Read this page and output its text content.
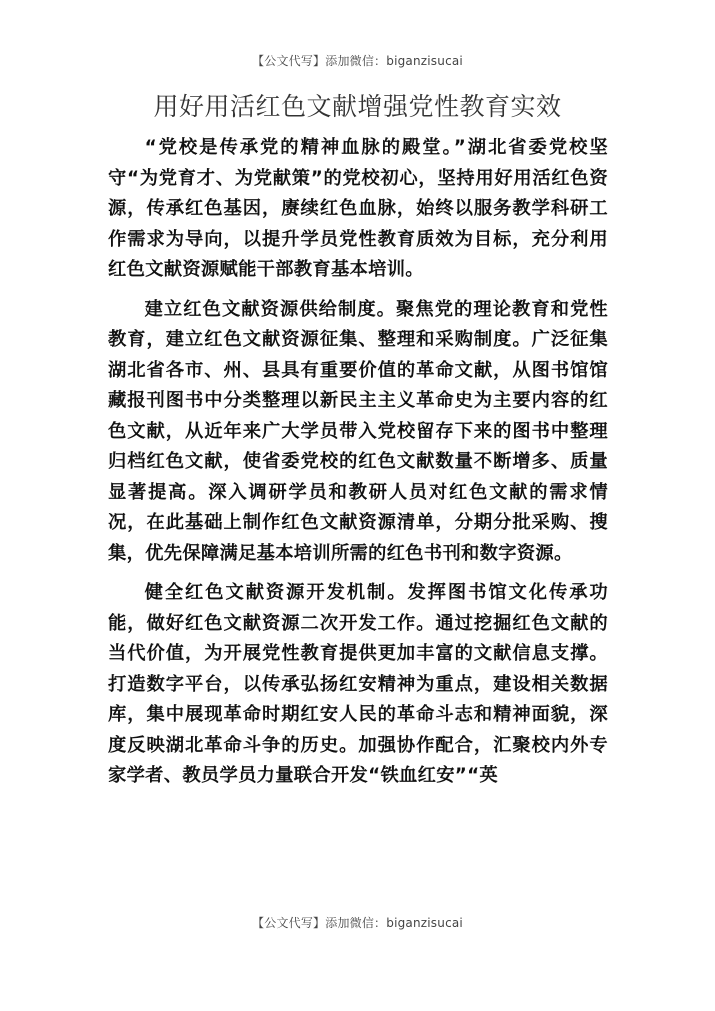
【公文代写】添加微信：biganzisucai
用好用活红色文献增强党性教育实效

“党校是传承党的精神血脉的殿堂。”湖北省委党校坚守“为党育才、为党献策”的党校初心，坚持用好用活红色资源，传承红色基因，赓续红色血脉，始终以服务教学科研工作需求为导向，以提升学员党性教育质效为目标，充分利用红色文献资源赋能干部教育基本培训。

建立红色文献资源供给制度。聚焦党的理论教育和党性教育，建立红色文献资源征集、整理和采购制度。广泛征集湖北省各市、州、县具有重要价值的革命文献，从图书馆馆藏报刊图书中分类整理以新民主主义革命史为主要内容的红色文献，从近年来广大学员带入党校留存下来的图书中整理归档红色文献，使省委党校的红色文献数量不断增多、质量显著提高。深入调研学员和教研人员对红色文献的需求情况，在此基础上制作红色文献资源清单，分期分批采购、搜集，优先保障满足基本培训所需的红色书刊和数字资源。

健全红色文献资源开发机制。发挥图书馆文化传承功能，做好红色文献资源二次开发工作。通过挖掘红色文献的当代价值，为开展党性教育提供更加丰富的文献信息支撑。打造数字平台，以传承弘扬红安精神为重点，建设相关数据库，集中展现革命时期红安人民的革命斗志和精神面貌，深度反映湖北革命斗争的历史。加强协作配合，汇聚校内外专家学者、教员学员力量联合开发“铁血红安”“英

【公文代写】添加微信：biganzisucai
